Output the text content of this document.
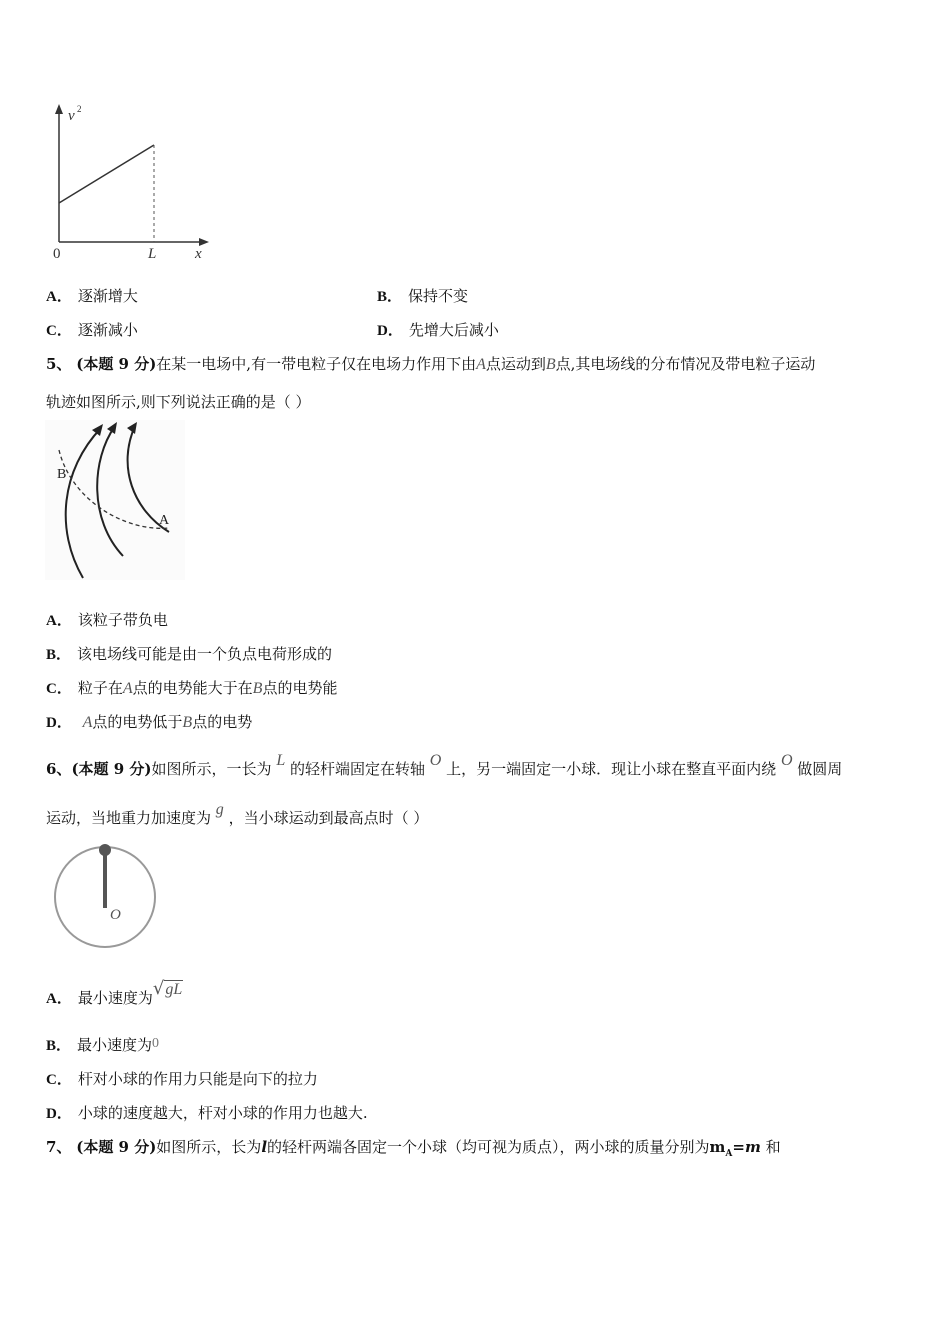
v 2
0	L	x
A． 逐渐增大	B． 保持不变
C． 逐渐减小	D． 先增大后减小
5、 (本题 9 分)在某一电场中,有一带电粒子仅在电场力作用下由A点运动到B点,其电场线的分布情况及带电粒子运动
轨迹如图所示,则下列说法正确的是（ ）
B
A
A． 该粒子带负电
B． 该电场线可能是由一个负点电荷形成的
C． 粒子在A点的电势能大于在B点的电势能
D． A点的电势低于B点的电势
6、(本题 9 分)如图所示，一长为 L 的轻杆端固定在转轴 O 上，另一端固定一小球．现让小球在整直平面内绕 O 做圆周
运动，当地重力加速度为 g ，当小球运动到最高点时（ ）
O
A． 最小速度为√gL
B． 最小速度为0
C． 杆对小球的作用力只能是向下的拉力
D． 小球的速度越大，杆对小球的作用力也越大.
7、 (本题 9 分)如图所示，长为l的轻杆两端各固定一个小球（均可视为质点），两小球的质量分别为$m_A=m$ 和
